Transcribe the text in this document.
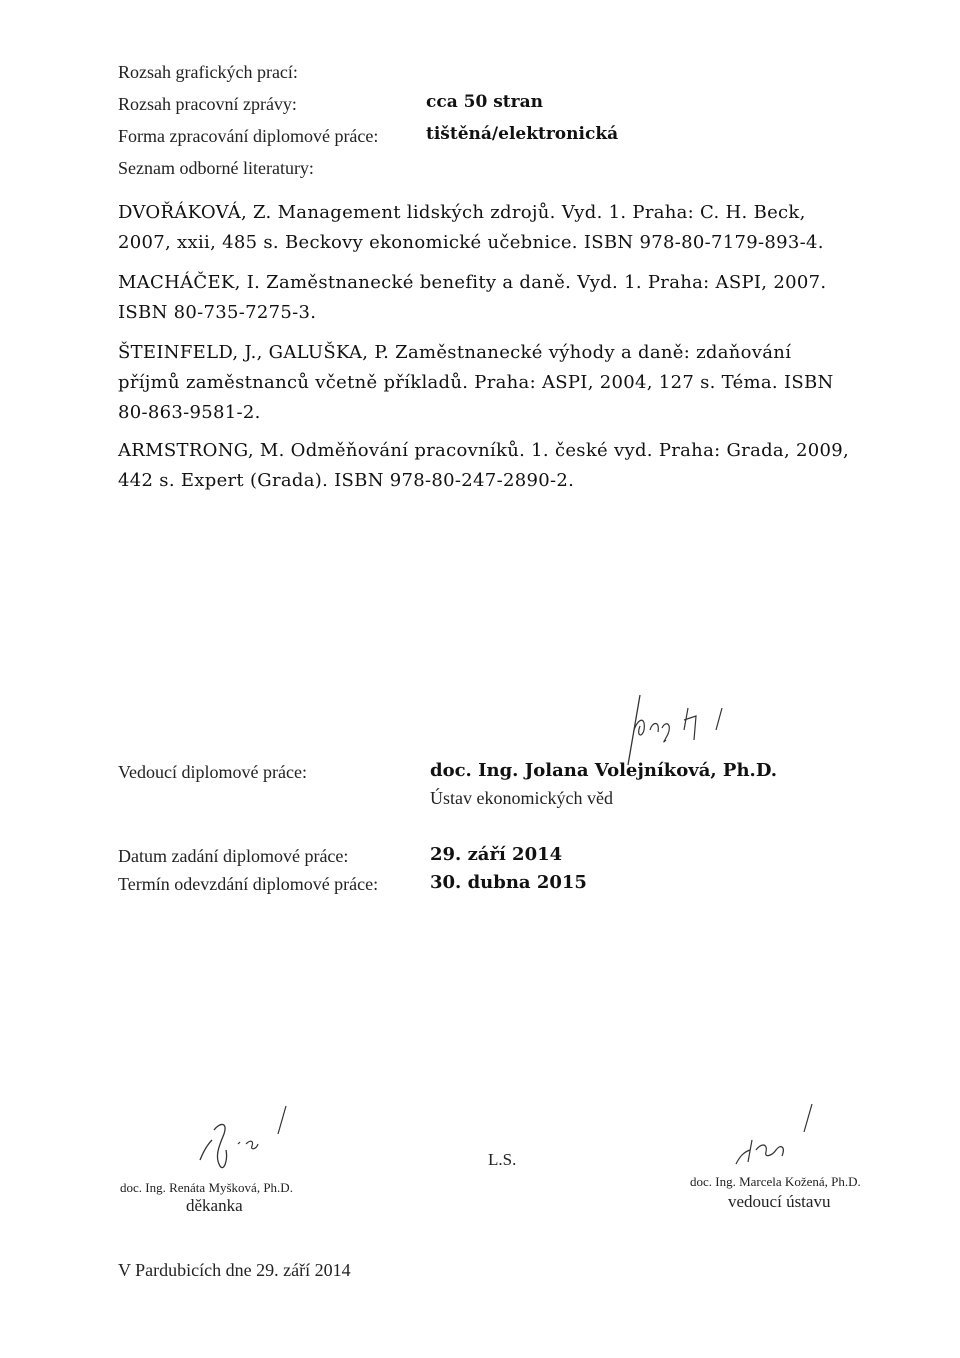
Rozsah grafických prací:
Rozsah pracovní zprávy:	cca 50 stran
Forma zpracování diplomové práce:	tištěná/elektronická
Seznam odborné literatury:
DVOŘÁKOVÁ, Z. Management lidských zdrojů. Vyd. 1. Praha: C. H. Beck, 2007, xxii, 485 s. Beckovy ekonomické učebnice. ISBN 978-80-7179-893-4.
MACHÁČEK, I. Zaměstnanecké benefity a daně. Vyd. 1. Praha: ASPI, 2007. ISBN 80-735-7275-3.
ŠTEINFELD, J., GALUŠKA, P. Zaměstnanecké výhody a daně: zdaňování příjmů zaměstnanců včetně příkladů. Praha: ASPI, 2004, 127 s. Téma. ISBN 80-863-9581-2.
ARMSTRONG, M. Odměňování pracovníků. 1. české vyd. Praha: Grada, 2009, 442 s. Expert (Grada). ISBN 978-80-247-2890-2.
Vedoucí diplomové práce:	doc. Ing. Jolana Volejníková, Ph.D.
Ústav ekonomických věd
Datum zadání diplomové práce:	29. září 2014
Termín odevzdání diplomové práce:	30. dubna 2015
doc. Ing. Renáta Myšková, Ph.D.
děkanka
L.S.
doc. Ing. Marcela Kožená, Ph.D.
vedoucí ústavu
V Pardubicích dne 29. září 2014
